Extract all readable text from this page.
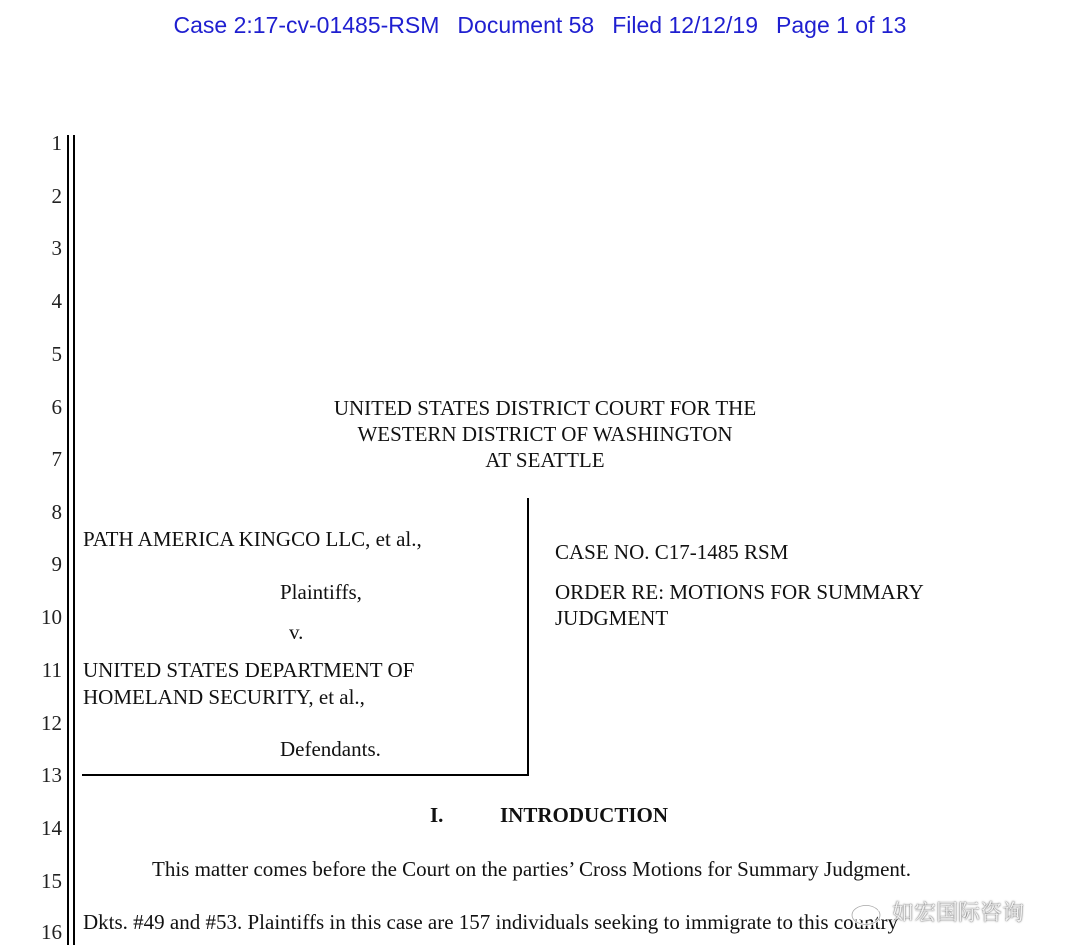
Case 2:17-cv-01485-RSM Document 58 Filed 12/12/19 Page 1 of 13
1
2
3
4
5
6
7
8
9
10
11
12
13
14
15
16
UNITED STATES DISTRICT COURT FOR THE
WESTERN DISTRICT OF WASHINGTON
AT SEATTLE
PATH AMERICA KINGCO LLC, et al.,
Plaintiffs,
v.
UNITED STATES DEPARTMENT OF
HOMELAND SECURITY, et al.,
Defendants.
CASE NO. C17-1485 RSM
ORDER RE: MOTIONS FOR SUMMARY
JUDGMENT
I.	INTRODUCTION
This matter comes before the Court on the parties’ Cross Motions for Summary Judgment.
Dkts. #49 and #53. Plaintiffs in this case are 157 individuals seeking to immigrate to this country
如宏国际咨询
